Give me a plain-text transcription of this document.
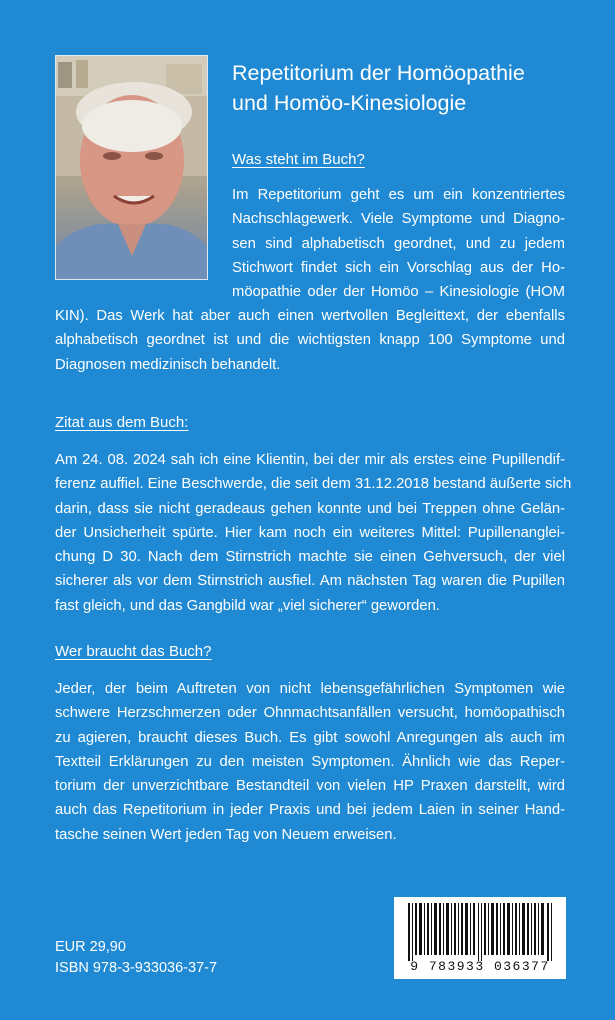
Repetitorium der Homöopathie
und Homöo-Kinesiologie

Was steht im Buch?

Im Repetitorium geht es um ein konzentriertes
Nachschlagewerk. Viele Symptome und Diagno-
sen sind alphabetisch geordnet, und zu jedem
Stichwort findet sich ein Vorschlag aus der Ho-
möopathie oder der Homöo – Kinesiologie (HOM
KIN). Das Werk hat aber auch einen wertvollen Begleittext, der ebenfalls
alphabetisch geordnet ist und die wichtigsten knapp 100 Symptome und
Diagnosen medizinisch behandelt.

Zitat aus dem Buch:

Am 24. 08. 2024 sah ich eine Klientin, bei der mir als erstes eine Pupillendif-
ferenz auffiel. Eine Beschwerde, die seit dem 31.12.2018 bestand äußerte sich
darin, dass sie nicht geradeaus gehen konnte und bei Treppen ohne Gelän-
der Unsicherheit spürte. Hier kam noch ein weiteres Mittel: Pupillenanglei-
chung D 30. Nach dem Stirnstrich machte sie einen Gehversuch, der viel
sicherer als vor dem Stirnstrich ausfiel. Am nächsten Tag waren die Pupillen
fast gleich, und das Gangbild war „viel sicherer“ geworden.

Wer braucht das Buch?

Jeder, der beim Auftreten von nicht lebensgefährlichen Symptomen wie
schwere Herzschmerzen oder Ohnmachtsanfällen versucht, homöopathisch
zu agieren, braucht dieses Buch. Es gibt sowohl Anregungen als auch im
Textteil Erklärungen zu den meisten Symptomen. Ähnlich wie das Reper-
torium der unverzichtbare Bestandteil von vielen HP Praxen darstellt, wird
auch das Repetitorium in jeder Praxis und bei jedem Laien in seiner Hand-
tasche seinen Wert jeden Tag von Neuem erweisen.
EUR 29,90
ISBN 978-3-933036-37-7	9 783933 036377
